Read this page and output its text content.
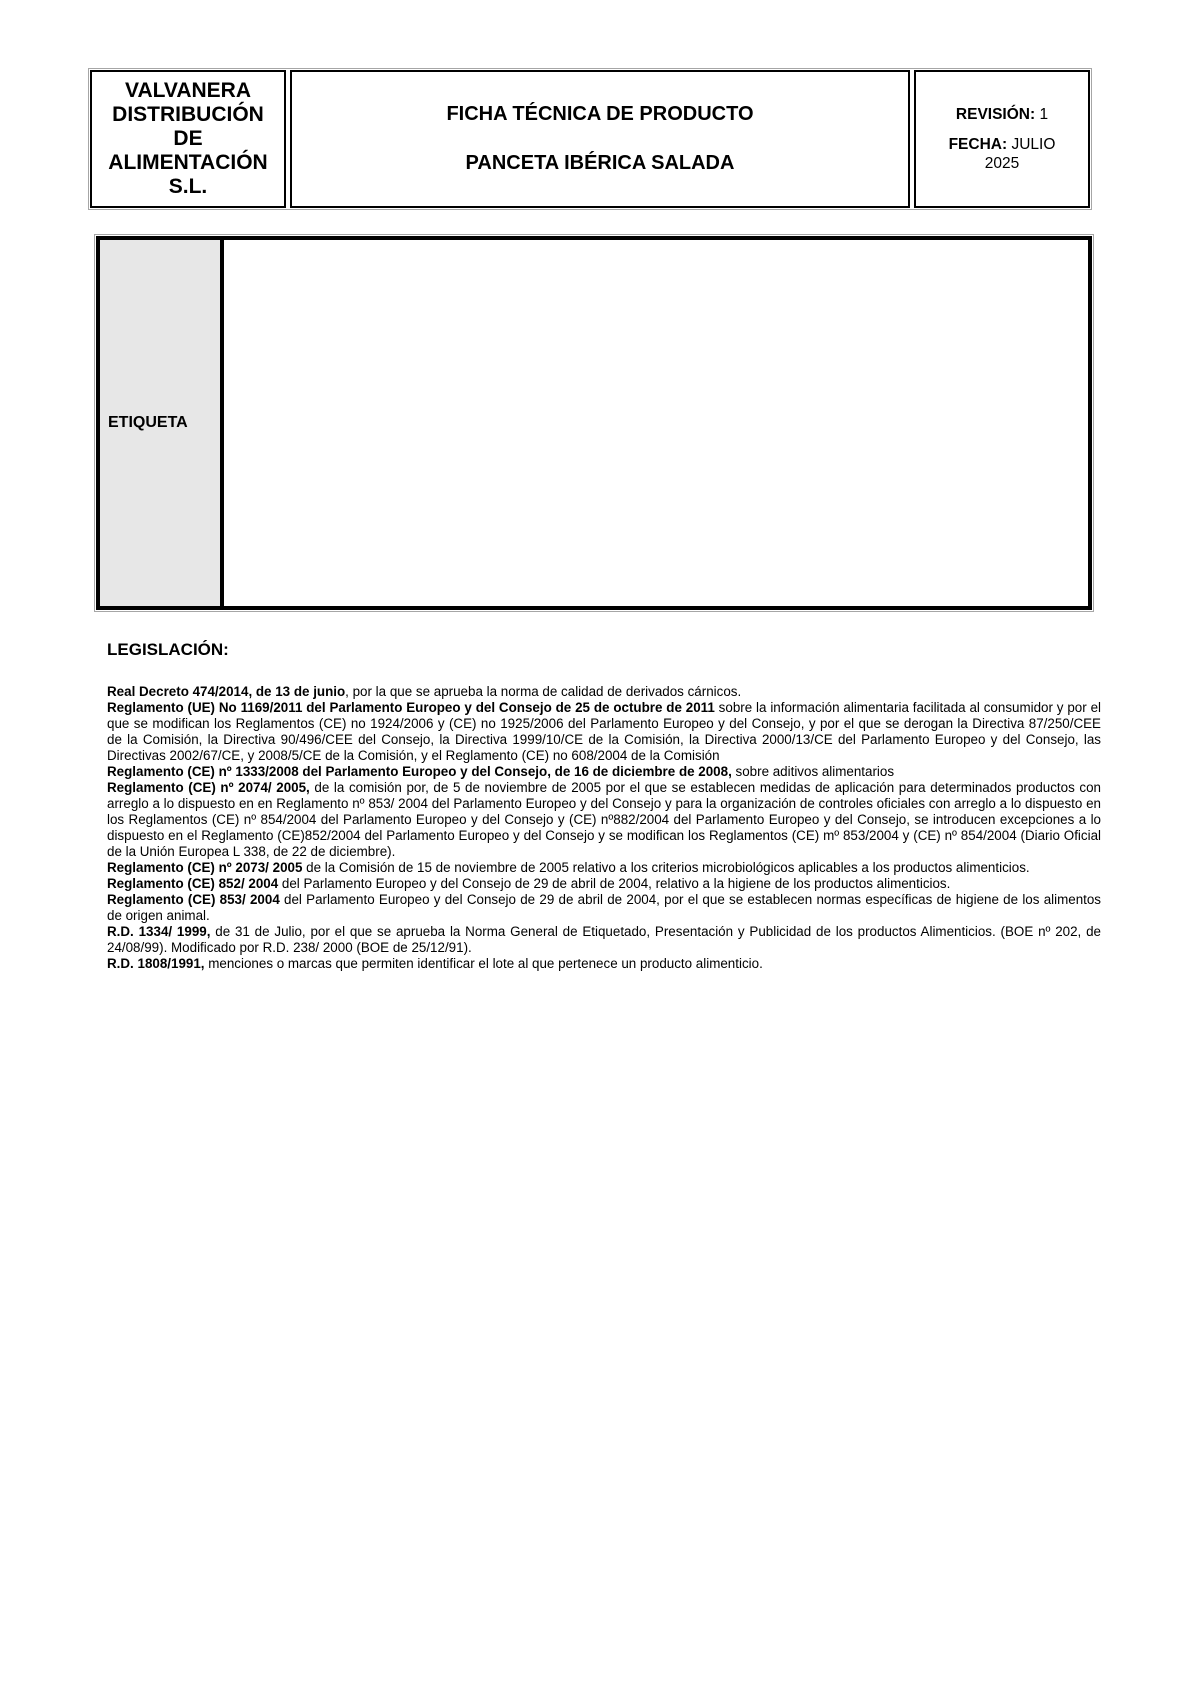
VALVANERA
DISTRIBUCIÓN
DE
ALIMENTACIÓN
S.L.
FICHA TÉCNICA DE PRODUCTO
PANCETA IBÉRICA SALADA
REVISIÓN: 1
FECHA: JULIO 2025
ETIQUETA
LEGISLACIÓN:

Real Decreto 474/2014, de 13 de junio, por la que se aprueba la norma de calidad de derivados cárnicos.

Reglamento (UE) No 1169/2011 del Parlamento Europeo y del Consejo de 25 de octubre de 2011 sobre la información alimentaria facilitada al consumidor y por el que se modifican los Reglamentos (CE) no 1924/2006 y (CE) no 1925/2006 del Parlamento Europeo y del Consejo, y por el que se derogan la Directiva 87/250/CEE de la Comisión, la Directiva 90/496/CEE del Consejo, la Directiva 1999/10/CE de la Comisión, la Directiva 2000/13/CE del Parlamento Europeo y del Consejo, las Directivas 2002/67/CE, y 2008/5/CE de la Comisión, y el Reglamento (CE) no 608/2004 de la Comisión

Reglamento (CE) nº 1333/2008 del Parlamento Europeo y del Consejo, de 16 de diciembre de 2008, sobre aditivos alimentarios

Reglamento (CE) nº 2074/ 2005, de la comisión por, de 5 de noviembre de 2005 por el que se establecen medidas de aplicación para determinados productos con arreglo a lo dispuesto en en Reglamento nº 853/ 2004 del Parlamento Europeo y del Consejo y para la organización de controles oficiales con arreglo a lo dispuesto en los Reglamentos (CE) nº 854/2004 del Parlamento Europeo y del Consejo y (CE) nº882/2004 del Parlamento Europeo y del Consejo, se introducen excepciones a lo dispuesto en el Reglamento (CE)852/2004 del Parlamento Europeo y del Consejo y se modifican los Reglamentos (CE) mº 853/2004 y (CE) nº 854/2004 (Diario Oficial de la Unión Europea L 338, de 22 de diciembre).

Reglamento (CE) nº 2073/ 2005 de la Comisión de 15 de noviembre de 2005 relativo a los criterios microbiológicos aplicables a los productos alimenticios.

Reglamento (CE) 852/ 2004 del Parlamento Europeo y del Consejo de 29 de abril de 2004, relativo a la higiene de los productos alimenticios.

Reglamento (CE) 853/ 2004 del Parlamento Europeo y del Consejo de 29 de abril de 2004, por el que se establecen normas específicas de higiene de los alimentos de origen animal.

R.D. 1334/ 1999, de 31 de Julio, por el que se aprueba la Norma General de Etiquetado, Presentación y Publicidad de los productos Alimenticios. (BOE nº 202, de 24/08/99). Modificado por R.D. 238/ 2000 (BOE de 25/12/91).

R.D. 1808/1991, menciones o marcas que permiten identificar el lote al que pertenece un producto alimenticio.
